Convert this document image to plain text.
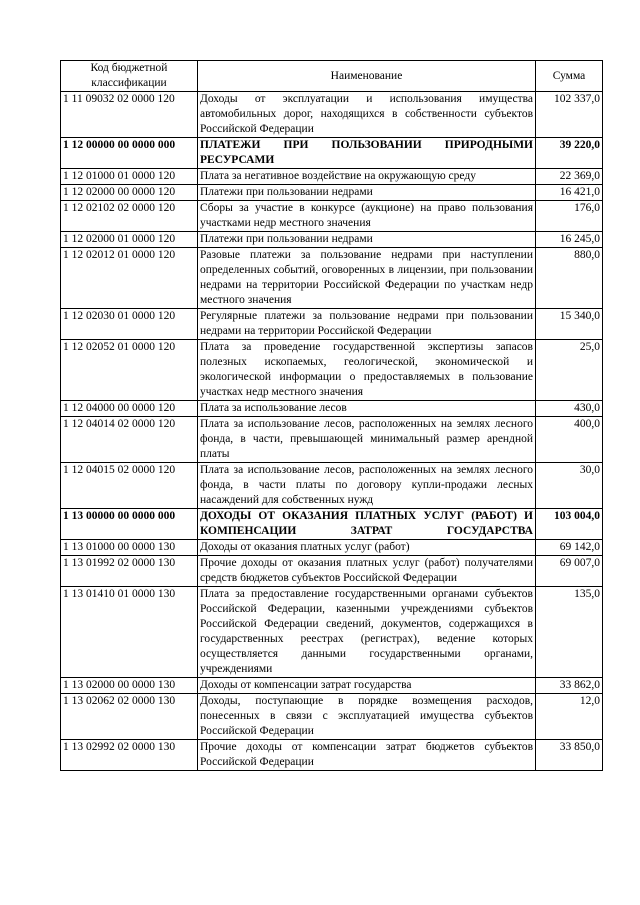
Код бюджетной классификации	Наименование	Сумма
1 11 09032 02 0000 120	Доходы от эксплуатации и использования имущества автомобильных дорог, находящихся в собственности субъектов Российской Федерации	102 337,0
1 12 00000 00 0000 000	ПЛАТЕЖИ ПРИ ПОЛЬЗОВАНИИ ПРИРОДНЫМИ РЕСУРСАМИ	39 220,0
1 12 01000 01 0000 120	Плата за негативное воздействие на окружающую среду	22 369,0
1 12 02000 00 0000 120	Платежи при пользовании недрами	16 421,0
1 12 02102 02 0000 120	Сборы за участие в конкурсе (аукционе) на право пользования участками недр местного значения	176,0
1 12 02000 01 0000 120	Платежи при пользовании недрами	16 245,0
1 12 02012 01 0000 120	Разовые платежи за пользование недрами при наступлении определенных событий, оговоренных в лицензии, при пользовании недрами на территории Российской Федерации по участкам недр местного значения	880,0
1 12 02030 01 0000 120	Регулярные платежи за пользование недрами при пользовании недрами на территории Российской Федерации	15 340,0
1 12 02052 01 0000 120	Плата за проведение государственной экспертизы запасов полезных ископаемых, геологической, экономической и экологической информации о предоставляемых в пользование участках недр местного значения	25,0
1 12 04000 00 0000 120	Плата за использование лесов	430,0
1 12 04014 02 0000 120	Плата за использование лесов, расположенных на землях лесного фонда, в части, превышающей минимальный размер арендной платы	400,0
1 12 04015 02 0000 120	Плата за использование лесов, расположенных на землях лесного фонда, в части платы по договору купли-продажи лесных насаждений для собственных нужд	30,0
1 13 00000 00 0000 000	ДОХОДЫ ОТ ОКАЗАНИЯ ПЛАТНЫХ УСЛУГ (РАБОТ) И КОМПЕНСАЦИИ ЗАТРАТ ГОСУДАРСТВА	103 004,0
1 13 01000 00 0000 130	Доходы от оказания платных услуг (работ)	69 142,0
1 13 01992 02 0000 130	Прочие доходы от оказания платных услуг (работ) получателями средств бюджетов субъектов Российской Федерации	69 007,0
1 13 01410 01 0000 130	Плата за предоставление государственными органами субъектов Российской Федерации, казенными учреждениями субъектов Российской Федерации сведений, документов, содержащихся в государственных реестрах (регистрах), ведение которых осуществляется данными государственными органами, учреждениями	135,0
1 13 02000 00 0000 130	Доходы от компенсации затрат государства	33 862,0
1 13 02062 02 0000 130	Доходы, поступающие в порядке возмещения расходов, понесенных в связи с эксплуатацией имущества субъектов Российской Федерации	12,0
1 13 02992 02 0000 130	Прочие доходы от компенсации затрат бюджетов субъектов Российской Федерации	33 850,0
